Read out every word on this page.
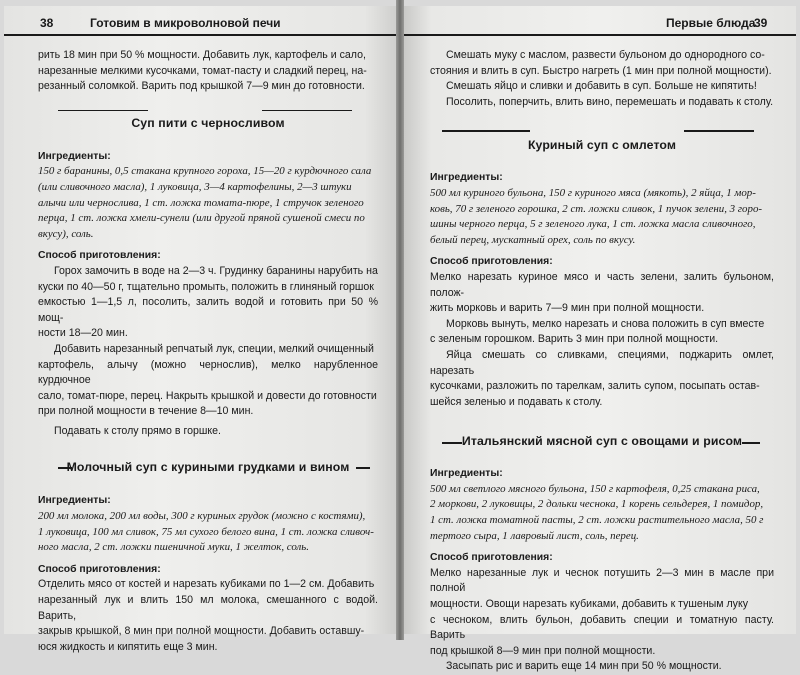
38	Готовим в микроволновой печи
рить 18 мин при 50 % мощности. Добавить лук, картофель и сало,
нарезанные мелкими кусочками, томат-пасту и сладкий перец, на-
резанный соломкой. Варить под крышкой 7—9 мин до готовности.
Суп пити с черносливом

Ингредиенты:

150 г баранины, 0,5 стакана крупного гороха, 15—20 г курдючного сала
(или сливочного масла), 1 луковица, 3—4 картофелины, 2—3 штуки
алычи или чернослива, 1 ст. ложка томата-пюре, 1 стручок зеленого
перца, 1 ст. ложка хмели-сунели (или другой пряной сушеной смеси по
вкусу), соль.

Способ приготовления:

Горох замочить в воде на 2—3 ч. Грудинку баранины нарубить на
куски по 40—50 г, тщательно промыть, положить в глиняный горшок
емкостью 1—1,5 л, посолить, залить водой и готовить при 50 % мощ-
ности 18—20 мин.
Добавить нарезанный репчатый лук, специи, мелкий очищенный
картофель, алычу (можно чернослив), мелко нарубленное курдючное
сало, томат-пюре, перец. Накрыть крышкой и довести до готовности
при полной мощности в течение 8—10 мин.

Подавать к столу прямо в горшке.

Молочный суп с куриными грудками и вином

Ингредиенты:

200 мл молока, 200 мл воды, 300 г куриных грудок (можно с костями),
1 луковица, 100 мл сливок, 75 мл сухого белого вина, 1 ст. ложка сливоч-
ного масла, 2 ст. ложки пшеничной муки, 1 желток, соль.

Способ приготовления:

Отделить мясо от костей и нарезать кубиками по 1—2 см. Добавить
нарезанный лук и влить 150 мл молока, смешанного с водой. Варить,
закрыв крышкой, 8 мин при полной мощности. Добавить оставшу-
юся жидкость и кипятить еще 3 мин.
Первые блюда
39
Смешать муку с маслом, развести бульоном до однородного со-
стояния и влить в суп. Быстро нагреть (1 мин при полной мощности).

Смешать яйцо и сливки и добавить в суп. Больше не кипятить!

Посолить, поперчить, влить вино, перемешать и подавать к столу.

Куриный суп с омлетом

Ингредиенты:

500 мл куриного бульона, 150 г куриного мяса (мякоть), 2 яйца, 1 мор-
ковь, 70 г зеленого горошка, 2 ст. ложки сливок, 1 пучок зелени, 3 горо-
шины черного перца, 5 г зеленого лука, 1 ст. ложка масла сливочного,
белый перец, мускатный орех, соль по вкусу.

Способ приготовления:

Мелко нарезать куриное мясо и часть зелени, залить бульоном, полож-
жить морковь и варить 7—9 мин при полной мощности.
Морковь вынуть, мелко нарезать и снова положить в суп вместе
с зеленым горошком. Варить 3 мин при полной мощности.
Яйца смешать со сливками, специями, поджарить омлет, нарезать
кусочками, разложить по тарелкам, залить супом, посыпать остав-
шейся зеленью и подавать к столу.
Итальянский мясной суп с овощами и рисом

Ингредиенты:

500 мл светлого мясного бульона, 150 г картофеля, 0,25 стакана риса,
2 моркови, 2 луковицы, 2 дольки чеснока, 1 корень сельдерея, 1 помидор,
1 ст. ложка томатной пасты, 2 ст. ложки растительного масла, 50 г
тертого сыра, 1 лавровый лист, соль, перец.

Способ приготовления:

Мелко нарезанные лук и чеснок потушить 2—3 мин в масле при полной
мощности. Овощи нарезать кубиками, добавить к тушеным луку
с чесноком, влить бульон, добавить специи и томатную пасту. Варить
под крышкой 8—9 мин при полной мощности.

Засыпать рис и варить еще 14 мин при 50 % мощности.
